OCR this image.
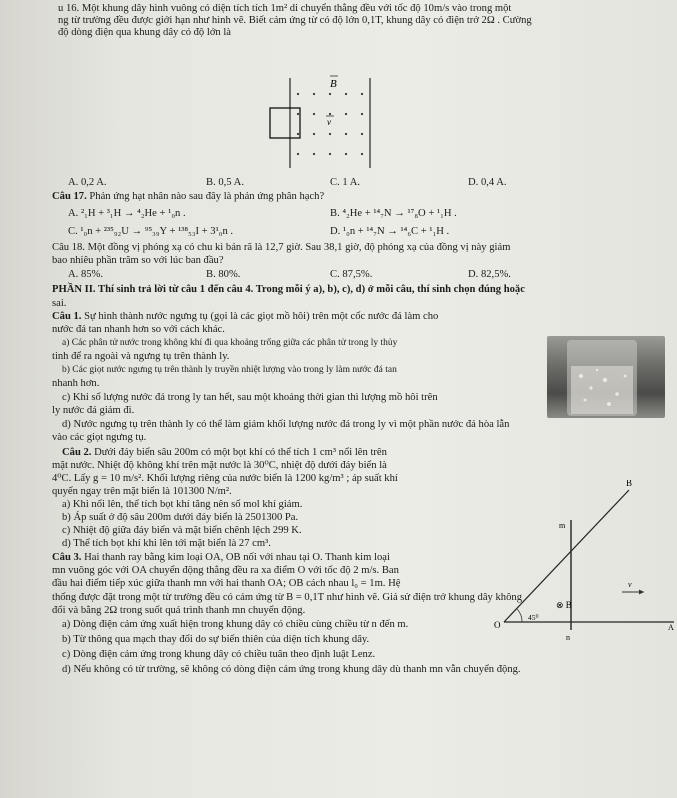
u 16. Một khung dây hình vuông có diện tích tích 1m² di chuyển thẳng đều với tốc độ 10m/s vào trong một
ng từ trường đều được giới hạn như hình vẽ. Biết cảm ứng từ có độ lớn 0,1T, khung dây có điện trở 2Ω . Cường
độ dòng điện qua khung dây có độ lớn là
B
v
A. 0,2 A.	B. 0,5 A.	C. 1 A.	D. 0,4 A.
Câu 17. Phản ứng hạt nhân nào sau đây là phản ứng phân hạch?
A. ²₁H + ³₁H → ⁴₂He + ¹₀n .	B. ⁴₂He + ¹⁴₇N → ¹⁷₈O + ¹₁H .
C. ¹₀n + ²³⁵₉₂U → ⁹⁵₃₉Y + ¹³⁸₅₃I + 3¹₀n .	D. ¹₀n + ¹⁴₇N → ¹⁴₆C + ¹₁H .
Câu 18. Một đồng vị phóng xạ có chu kì bán rã là 12,7 giờ. Sau 38,1 giờ, độ phóng xạ của đồng vị này giảm
bao nhiêu phần trăm so với lúc ban đầu?
A. 85%.	B. 80%.	C. 87,5%.	D. 82,5%.
PHẦN II. Thí sinh trả lời từ câu 1 đến câu 4. Trong mỗi ý a), b), c), d) ở mỗi câu, thí sinh chọn đúng hoặc
sai.
Câu 1. Sự hình thành nước ngưng tụ (gọi là các giọt mồ hôi) trên một cốc nước đá làm cho
nước đá tan nhanh hơn so với cách khác.
a) Các phân tử nước trong không khí đi qua khoảng trống giữa các phân tử trong ly thủy
tinh để ra ngoài và ngưng tụ trên thành ly.
b) Các giọt nước ngưng tụ trên thành ly truyền nhiệt lượng vào trong ly làm nước đá tan
nhanh hơn.
c) Khi số lượng nước đá trong ly tan hết, sau một khoảng thời gian thì lượng mồ hôi trên
ly nước đá giảm đi.
d) Nước ngưng tụ trên thành ly có thể làm giảm khối lượng nước đá trong ly vì một phần nước đá hòa lẫn
vào các giọt ngưng tụ.
Câu 2. Dưới đáy biển sâu 200m có một bọt khí có thể tích 1 cm³ nổi lên trên
mặt nước. Nhiệt độ không khí trên mặt nước là 30⁰C, nhiệt độ dưới đáy biển là
4⁰C. Lấy g = 10 m/s². Khối lượng riêng của nước biển là 1200 kg/m³ ; áp suất khí
quyển ngay trên mặt biển là 101300 N/m².
a) Khi nổi lên, thể tích bọt khí tăng nên số mol khí giảm.
b) Áp suất ở độ sâu 200m dưới đáy biển là 2501300 Pa.
c) Nhiệt độ giữa đáy biển và mặt biển chênh lệch 299 K.
d) Thể tích bọt khí khi lên tới mặt biển là 27 cm³.
Câu 3. Hai thanh ray bằng kim loại OA, OB nối với nhau tại O. Thanh kim loại
mn vuông góc với OA chuyển động thẳng đều ra xa điểm O với tốc độ 2 m/s. Ban
đầu hai điểm tiếp xúc giữa thanh mn với hai thanh OA; OB cách nhau l₀ = 1m. Hệ
thống được đặt trong một từ trường đều có cảm ứng từ B = 0,1T như hình vẽ. Giả sử điện trở khung dây không
đổi và bằng 2Ω trong suốt quá trình thanh mn chuyển động.
a) Dòng điện cảm ứng xuất hiện trong khung dây có chiều cùng chiều từ n đến m.
b) Từ thông qua mạch thay đổi do sự biến thiên của diện tích khung dây.
c) Dòng điện cảm ứng trong khung dây có chiều tuân theo định luật Lenz.
d) Nếu không có từ trường, sẽ không có dòng điện cảm ứng trong khung dây dù thanh mn vẫn chuyển động.
B
m
v
45⁰
⊗ B
O
n
A
